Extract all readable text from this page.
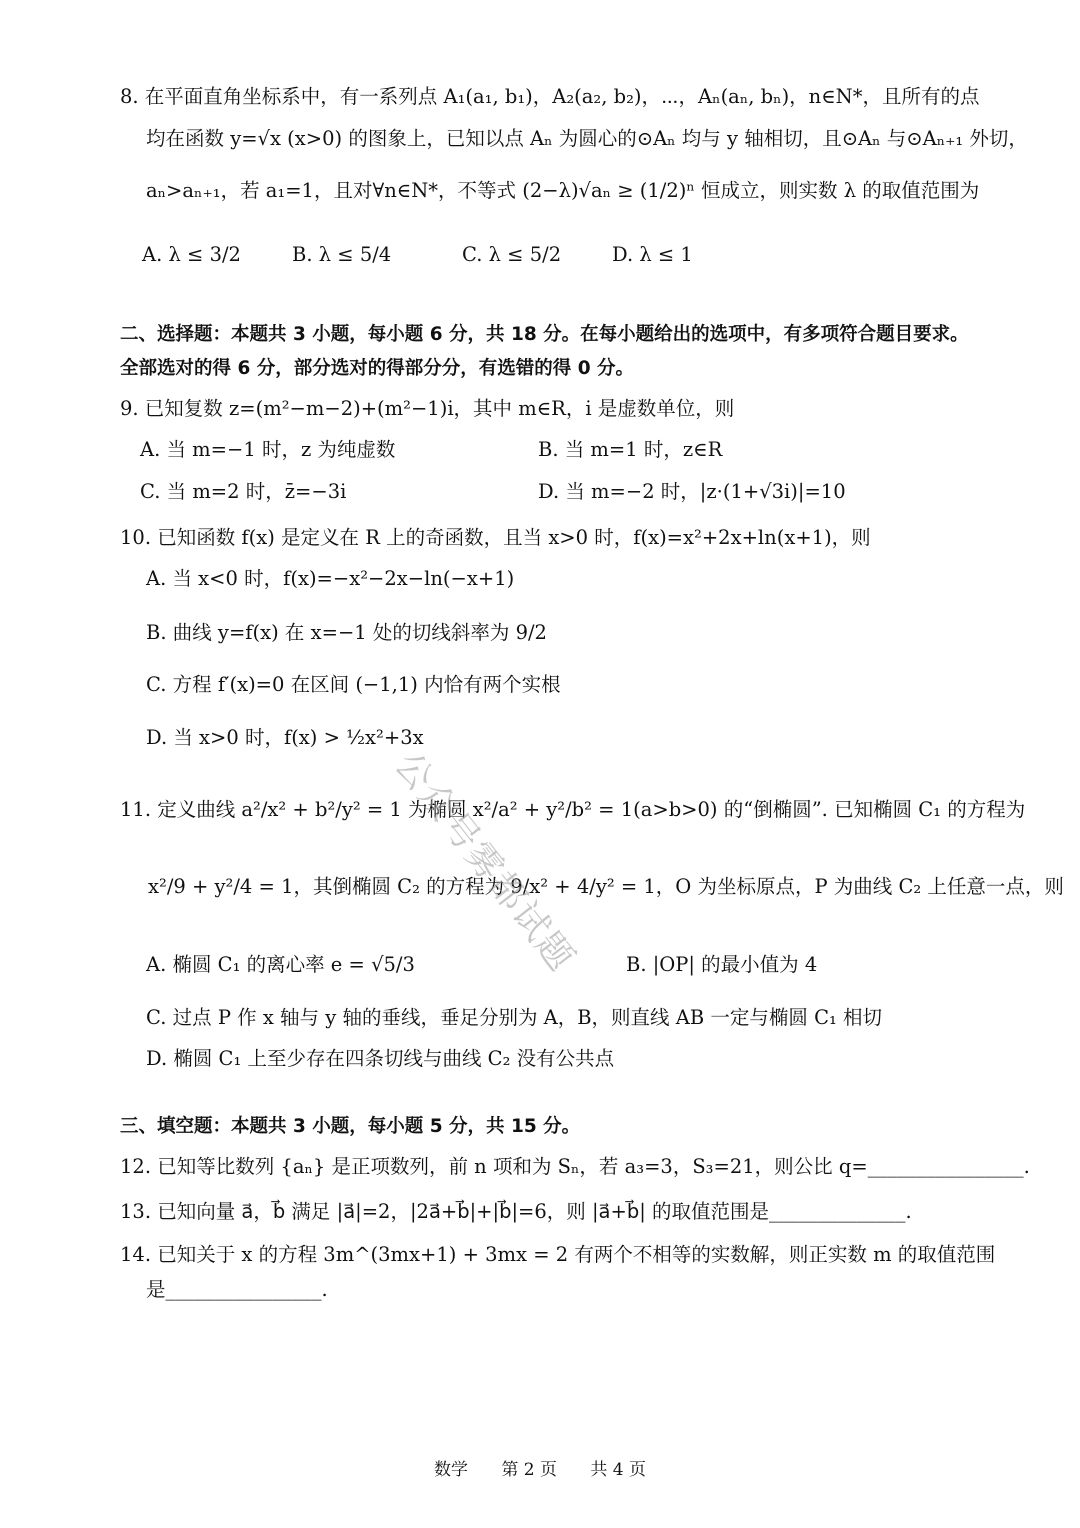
8. 在平面直角坐标系中，有一系列点 A₁(a₁, b₁)，A₂(a₂, b₂)，⋯，Aₙ(aₙ, bₙ)，n∈N*，且所有的点
均在函数 y=√x (x>0) 的图象上，已知以点 Aₙ 为圆心的⊙Aₙ 均与 y 轴相切，且⊙Aₙ 与⊙Aₙ₊₁ 外切，
aₙ>aₙ₊₁，若 a₁=1，且对∀n∈N*，不等式 (2−λ)√aₙ ≥ (1/2)ⁿ 恒成立，则实数 λ 的取值范围为
A. λ ≤ 3/2	B. λ ≤ 5/4	C. λ ≤ 5/2	D. λ ≤ 1
二、选择题：本题共 3 小题，每小题 6 分，共 18 分。在每小题给出的选项中，有多项符合题目要求。
全部选对的得 6 分，部分选对的得部分分，有选错的得 0 分。
9. 已知复数 z=(m²−m−2)+(m²−1)i，其中 m∈R，i 是虚数单位，则
A. 当 m=−1 时，z 为纯虚数	B. 当 m=1 时，z∈R
C. 当 m=2 时，z̄=−3i	D. 当 m=−2 时，|z·(1+√3i)|=10
10. 已知函数 f(x) 是定义在 R 上的奇函数，且当 x>0 时，f(x)=x²+2x+ln(x+1)，则
A. 当 x<0 时，f(x)=−x²−2x−ln(−x+1)
B. 曲线 y=f(x) 在 x=−1 处的切线斜率为 9/2
C. 方程 f′(x)=0 在区间 (−1,1) 内恰有两个实根
D. 当 x>0 时，f(x) > ½x²+3x
11. 定义曲线 a²/x² + b²/y² = 1 为椭圆 x²/a² + y²/b² = 1(a>b>0) 的“倒椭圆”. 已知椭圆 C₁ 的方程为
x²/9 + y²/4 = 1，其倒椭圆 C₂ 的方程为 9/x² + 4/y² = 1，O 为坐标原点，P 为曲线 C₂ 上任意一点，则
A. 椭圆 C₁ 的离心率 e = √5/3	B. |OP| 的最小值为 4
C. 过点 P 作 x 轴与 y 轴的垂线，垂足分别为 A，B，则直线 AB 一定与椭圆 C₁ 相切
D. 椭圆 C₁ 上至少存在四条切线与曲线 C₂ 没有公共点
三、填空题：本题共 3 小题，每小题 5 分，共 15 分。
12. 已知等比数列 {aₙ} 是正项数列，前 n 项和为 Sₙ，若 a₃=3，S₃=21，则公比 q=________________.
13. 已知向量 a⃗，b⃗ 满足 |a⃗|=2，|2a⃗+b⃗|+|b⃗|=6，则 |a⃗+b⃗| 的取值范围是______________.
14. 已知关于 x 的方程 3m^(3mx+1) + 3mx = 2 有两个不相等的实数解，则正实数 m 的取值范围
是________________.
公众号雾都试题
数学 第 2 页 共 4 页
